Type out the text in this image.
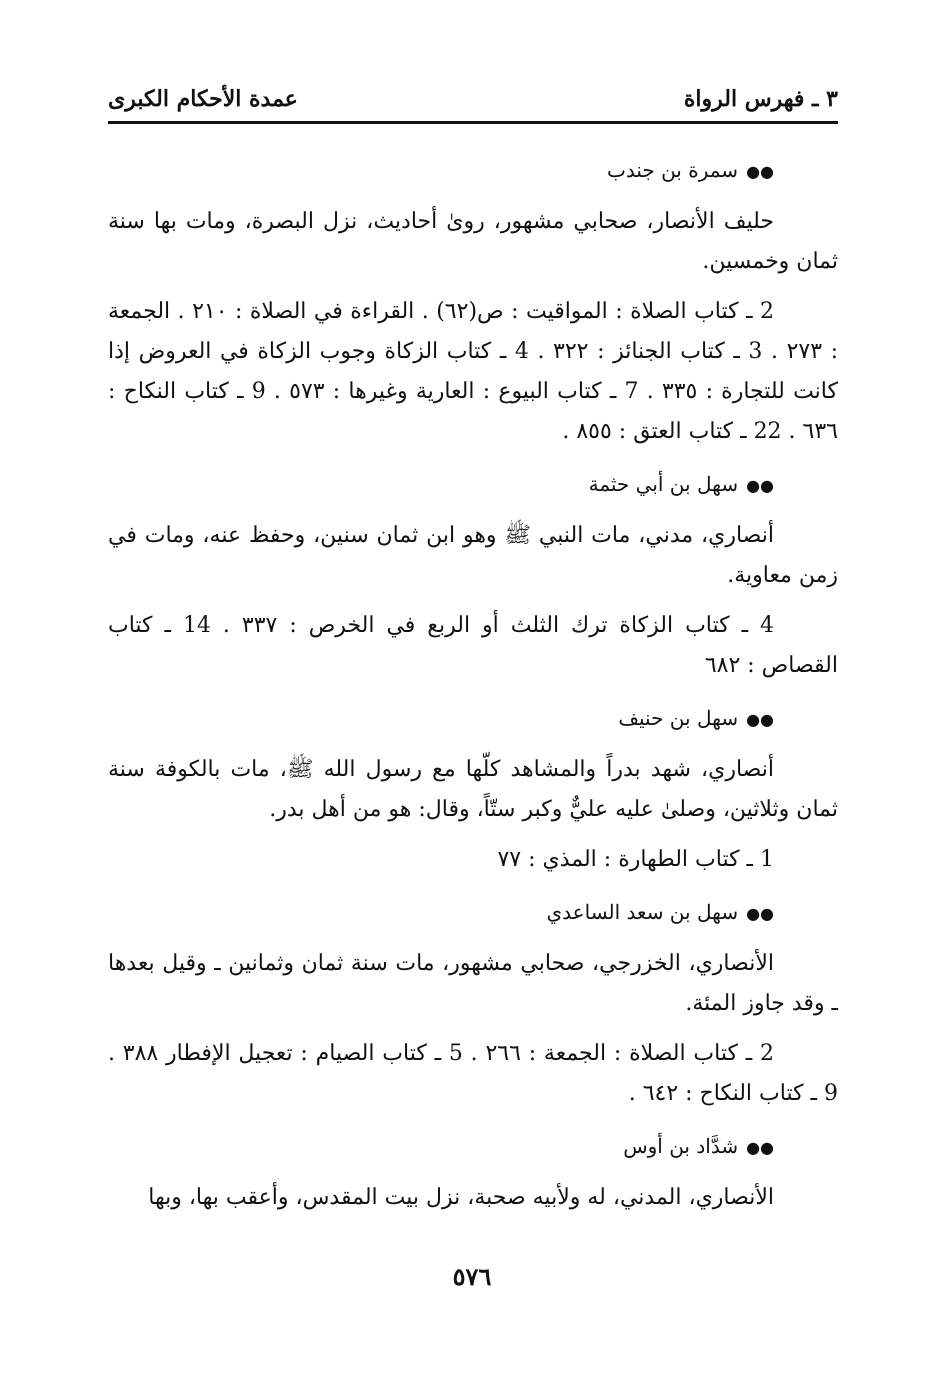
٣ ـ فهرس الرواة
عمدة الأحكام الكبرى

●●سمرة بن جندب

حليف الأنصار، صحابي مشهور، روىٰ أحاديث، نزل البصرة، ومات بها سنة ثمان وخمسين.

2 ـ كتاب الصلاة : المواقيت : ص(٦٢) . القراءة في الصلاة : ٢١٠ . الجمعة : ٢٧٣ . 3 ـ كتاب الجنائز : ٣٢٢ . 4 ـ كتاب الزكاة وجوب الزكاة في العروض إذا كانت للتجارة : ٣٣٥ . 7 ـ كتاب البيوع : العارية وغيرها : ٥٧٣ . 9 ـ كتاب النكاح : ٦٣٦ . 22 ـ كتاب العتق : ٨٥٥ .

●●سهل بن أبي حثمة

أنصاري، مدني، مات النبي ﷺ وهو ابن ثمان سنين، وحفظ عنه، ومات في زمن معاوية.

4 ـ كتاب الزكاة ترك الثلث أو الربع في الخرص : ٣٣٧ . 14 ـ كتاب القصاص : ٦٨٢

●●سهل بن حنيف

أنصاري، شهد بدراً والمشاهد كلّها مع رسول الله ﷺ، مات بالكوفة سنة ثمان وثلاثين، وصلىٰ عليه عليٌّ وكبر ستّاً، وقال: هو من أهل بدر.

1 ـ كتاب الطهارة : المذي : ٧٧

●●سهل بن سعد الساعدي

الأنصاري، الخزرجي، صحابي مشهور، مات سنة ثمان وثمانين ـ وقيل بعدها ـ وقد جاوز المئة.

2 ـ كتاب الصلاة : الجمعة : ٢٦٦ . 5 ـ كتاب الصيام : تعجيل الإفطار ٣٨٨ . 9 ـ كتاب النكاح : ٦٤٢ .

●●شدَّاد بن أوس

الأنصاري، المدني، له ولأبيه صحبة، نزل بيت المقدس، وأعقب بها، وبها

٥٧٦
